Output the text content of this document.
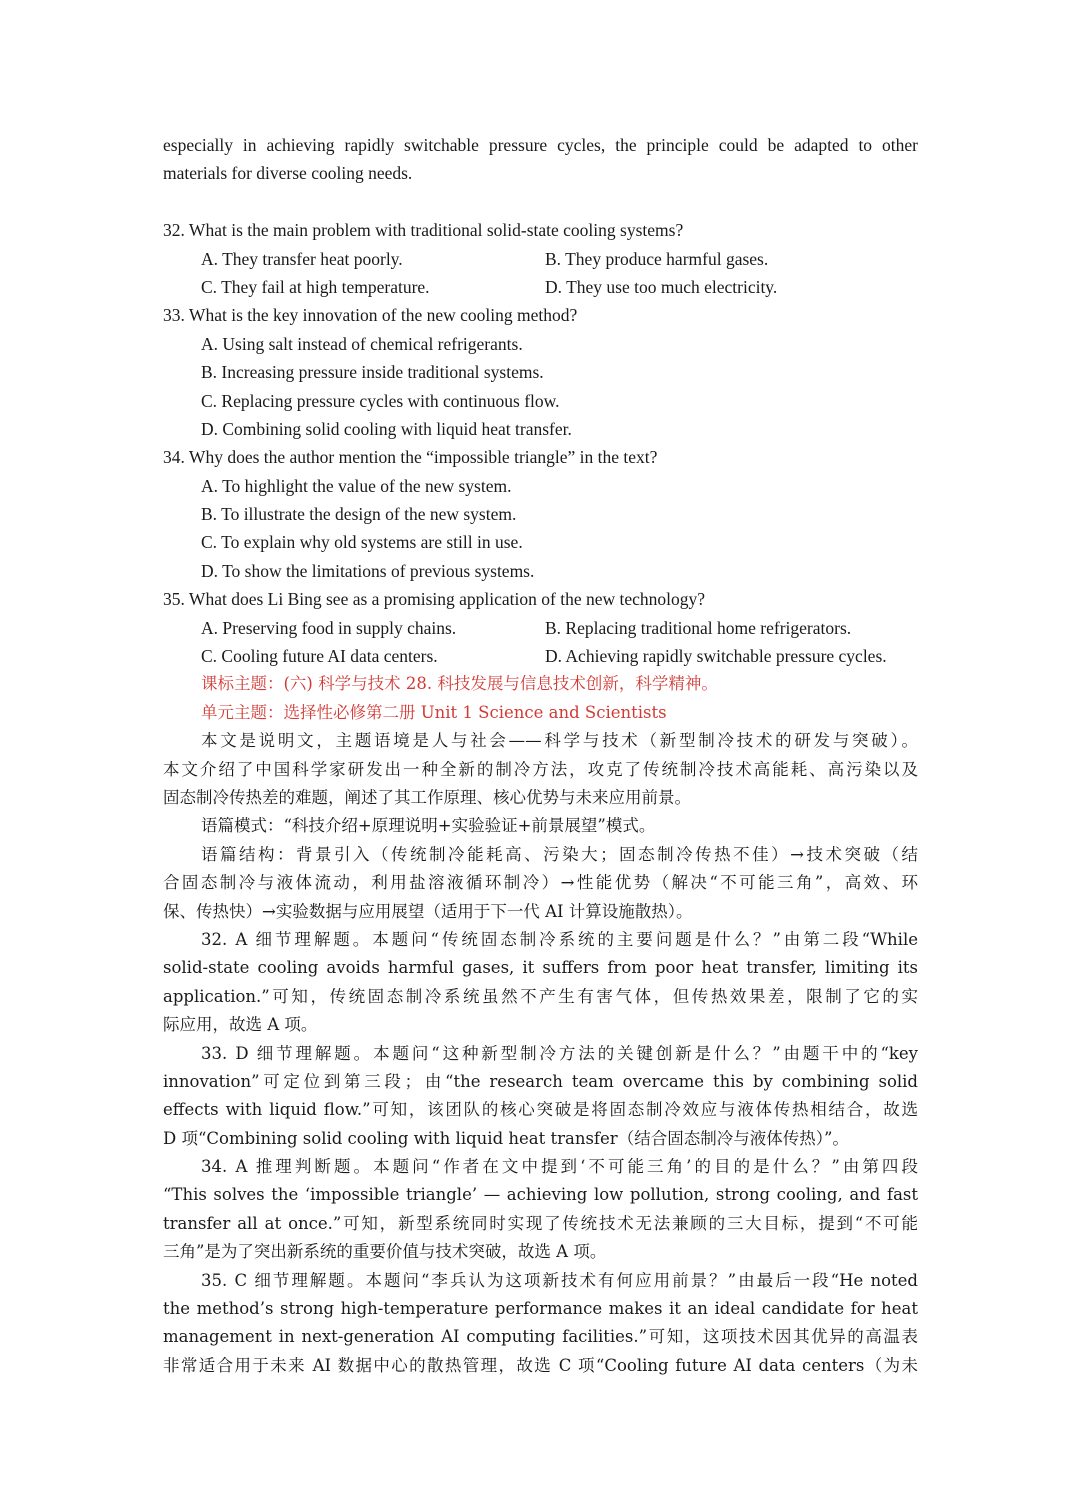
especially in achieving rapidly switchable pressure cycles, the principle could be adapted to other
materials for diverse cooling needs.
32. What is the main problem with traditional solid-state cooling systems?
A. They transfer heat poorly.	B. They produce harmful gases.
C. They fail at high temperature.	D. They use too much electricity.
33. What is the key innovation of the new cooling method?
A. Using salt instead of chemical refrigerants.
B. Increasing pressure inside traditional systems.
C. Replacing pressure cycles with continuous flow.
D. Combining solid cooling with liquid heat transfer.
34. Why does the author mention the “impossible triangle” in the text?
A. To highlight the value of the new system.
B. To illustrate the design of the new system.
C. To explain why old systems are still in use.
D. To show the limitations of previous systems.
35. What does Li Bing see as a promising application of the new technology?
A. Preserving food in supply chains.	B. Replacing traditional home refrigerators.
C. Cooling future AI data centers.	D. Achieving rapidly switchable pressure cycles.
课标主题：(六) 科学与技术 28. 科技发展与信息技术创新，科学精神。
单元主题：选择性必修第二册 Unit 1 Science and Scientists
本文是说明文，主题语境是人与社会——科学与技术（新型制冷技术的研发与突破）。
本文介绍了中国科学家研发出一种全新的制冷方法，攻克了传统制冷技术高能耗、高污染以及
固态制冷传热差的难题，阐述了其工作原理、核心优势与未来应用前景。
语篇模式：“科技介绍+原理说明+实验验证+前景展望”模式。
语篇结构：背景引入（传统制冷能耗高、污染大；固态制冷传热不佳）→技术突破（结
合固态制冷与液体流动，利用盐溶液循环制冷）→性能优势（解决“不可能三角”，高效、环
保、传热快）→实验数据与应用展望（适用于下一代 AI 计算设施散热）。
32. A 细节理解题。本题问“传统固态制冷系统的主要问题是什么？”由第二段“While
solid-state cooling avoids harmful gases, it suffers from poor heat transfer, limiting its
application.”可知，传统固态制冷系统虽然不产生有害气体，但传热效果差，限制了它的实
际应用，故选 A 项。
33. D 细节理解题。本题问“这种新型制冷方法的关键创新是什么？”由题干中的“key
innovation”可定位到第三段；由“the research team overcame this by combining solid
effects with liquid flow.”可知，该团队的核心突破是将固态制冷效应与液体传热相结合，故选
D 项“Combining solid cooling with liquid heat transfer（结合固态制冷与液体传热）”。
34. A 推理判断题。本题问“作者在文中提到‘不可能三角’的目的是什么？”由第四段
“This solves the ‘impossible triangle’ — achieving low pollution, strong cooling, and fast
transfer all at once.”可知，新型系统同时实现了传统技术无法兼顾的三大目标，提到“不可能
三角”是为了突出新系统的重要价值与技术突破，故选 A 项。
35. C 细节理解题。本题问“李兵认为这项新技术有何应用前景？”由最后一段“He noted
the method’s strong high-temperature performance makes it an ideal candidate for heat
management in next-generation AI computing facilities.”可知，这项技术因其优异的高温表
非常适合用于未来 AI 数据中心的散热管理，故选 C 项“Cooling future AI data centers（为未
